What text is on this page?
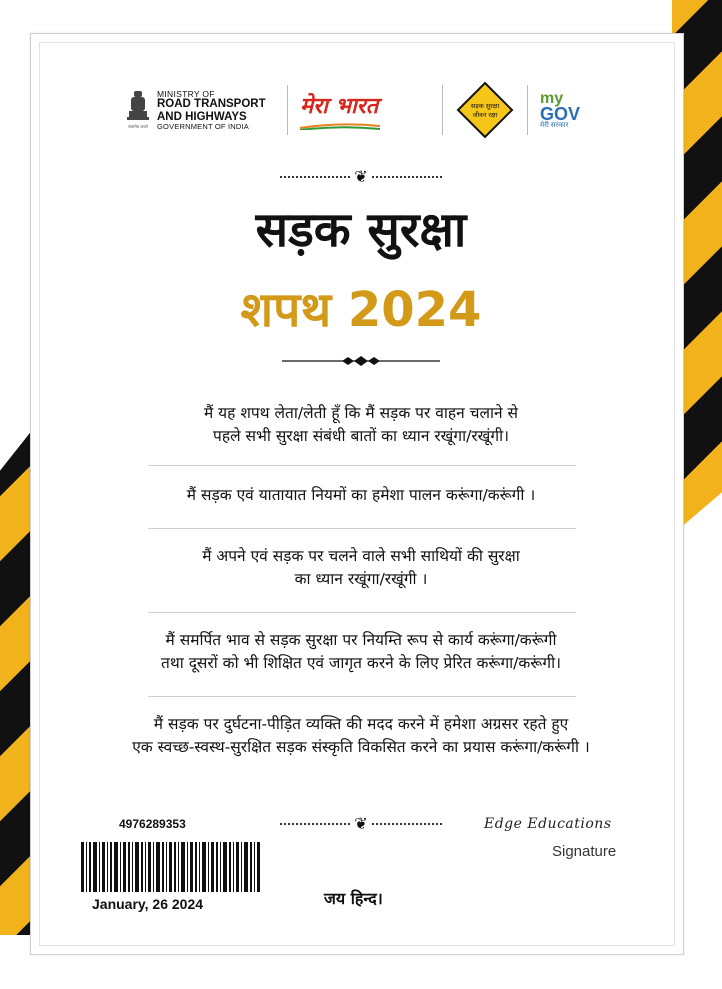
सत्यमेव जयते
MINISTRY OF
ROAD TRANSPORT
AND HIGHWAYS
GOVERNMENT OF INDIA
मेरा भारत	सड़क सुरक्षा
जीवन रक्षा
my
GOV
मेरी सरकार
❦
सड़क सुरक्षा
शपथ 2024
मैं यह शपथ लेता/लेती हूँ कि मैं सड़क पर वाहन चलाने से
पहले सभी सुरक्षा संबंधी बातों का ध्यान रखूंगा/रखूंगी।
मैं सड़क एवं यातायात नियमों का हमेशा पालन करूंगा/करूंगी ।
मैं अपने एवं सड़क पर चलने वाले सभी साथियों की सुरक्षा
का ध्यान रखूंगा/रखूंगी ।
मैं समर्पित भाव से सड़क सुरक्षा पर नियम्ति रूप से कार्य करूंगा/करूंगी
तथा दूसरों को भी शिक्षित एवं जागृत करने के लिए प्रेरित करूंगा/करूंगी।
मैं सड़क पर दुर्घटना-पीड़ित व्यक्ति की मदद करने में हमेशा अग्रसर रहते हुए
एक स्वच्छ-स्वस्थ-सुरक्षित सड़क संस्कृति विकसित करने का प्रयास करूंगा/करूंगी ।
❦
4976289353
January, 26 2024	जय हिन्द।
Edge Educations
Signature
